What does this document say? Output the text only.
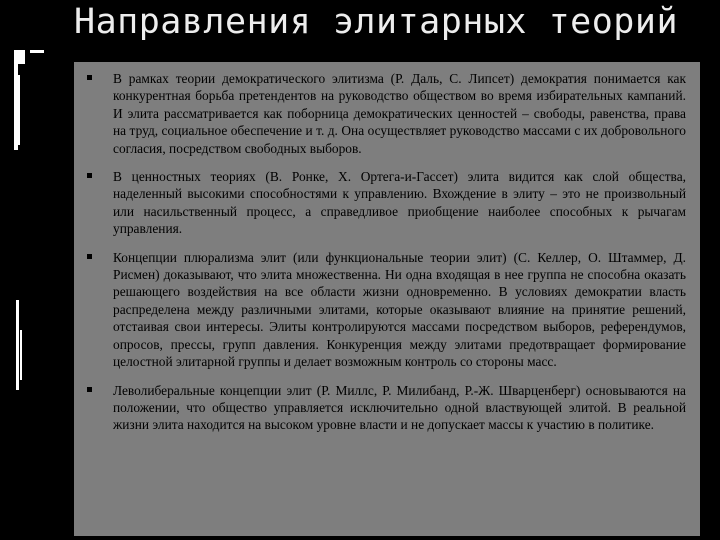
Направления элитарных теорий

В рамках теории демократического элитизма (Р. Даль, С. Липсет) демократия понимается как конкурентная борьба претендентов на руководство обществом во время избирательных кампаний. И элита рассматривается как поборница демократических ценностей – свободы, равенства, права на труд, социальное обеспечение и т. д. Она осуществляет руководство массами с их добровольного согласия, посредством свободных выборов.

В ценностных теориях (В. Ронке, Х. Ортега-и-Гассет) элита видится как слой общества, наделенный высокими способностями к управлению. Вхождение в элиту – это не произвольный или насильственный процесс, а справедливое приобщение наиболее способных к рычагам управления.

Концепции плюрализма элит (или функциональные теории элит) (С. Келлер, О. Штаммер, Д. Рисмен) доказывают, что элита множественна. Ни одна входящая в нее группа не способна оказать решающего воздействия на все области жизни одновременно. В условиях демократии власть распределена между различными элитами, которые оказывают влияние на принятие решений, отстаивая свои интересы. Элиты контролируются массами посредством выборов, референдумов, опросов, прессы, групп давления. Конкуренция между элитами предотвращает формирование целостной элитарной группы и делает возможным контроль со стороны масс.

Леволиберальные концепции элит (Р. Миллс, Р. Милибанд, Р.-Ж. Шварценберг) основываются на положении, что общество управляется исключительно одной властвующей элитой. В реальной жизни элита находится на высоком уровне власти и не допускает массы к участию в политике.
